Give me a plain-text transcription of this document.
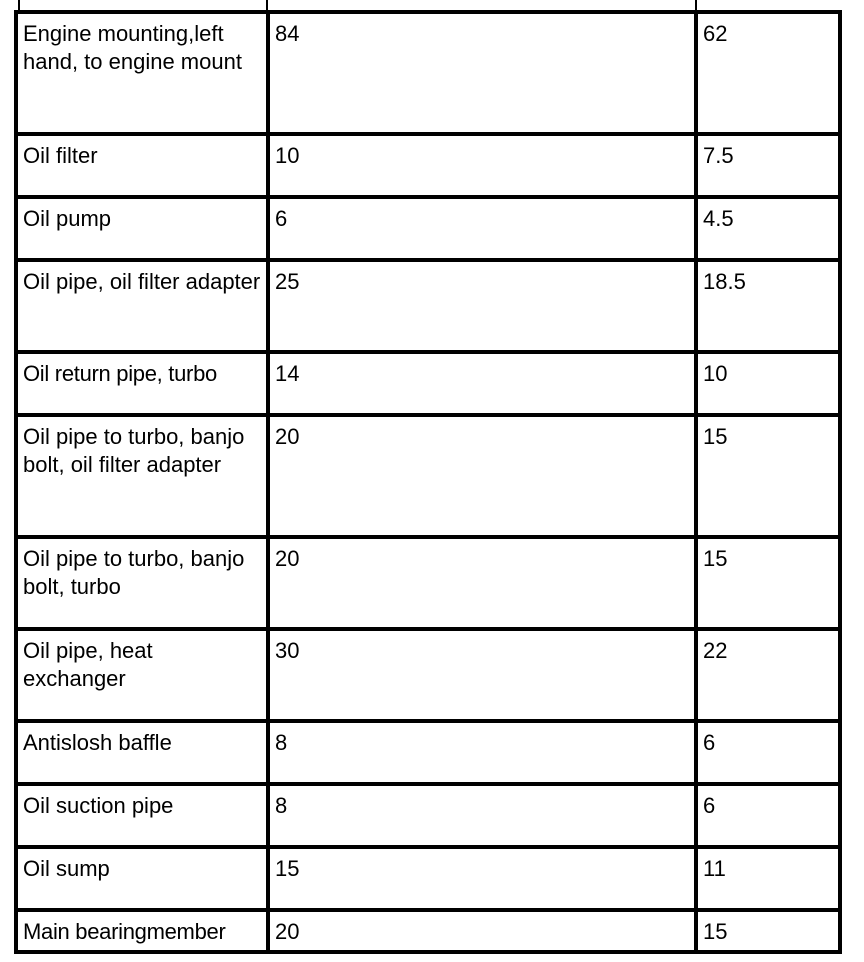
Engine mounting,left hand, to engine mount	84	62
Oil filter	10	7.5
Oil pump	6	4.5
Oil pipe, oil filter adapter	25	18.5
Oil return pipe, turbo	14	10
Oil pipe to turbo, banjo bolt, oil filter adapter	20	15
Oil pipe to turbo, banjo bolt, turbo	20	15
Oil pipe, heat exchanger	30	22
Antislosh baffle	8	6
Oil suction pipe	8	6
Oil sump	15	11
Main bearingmember	20	15
